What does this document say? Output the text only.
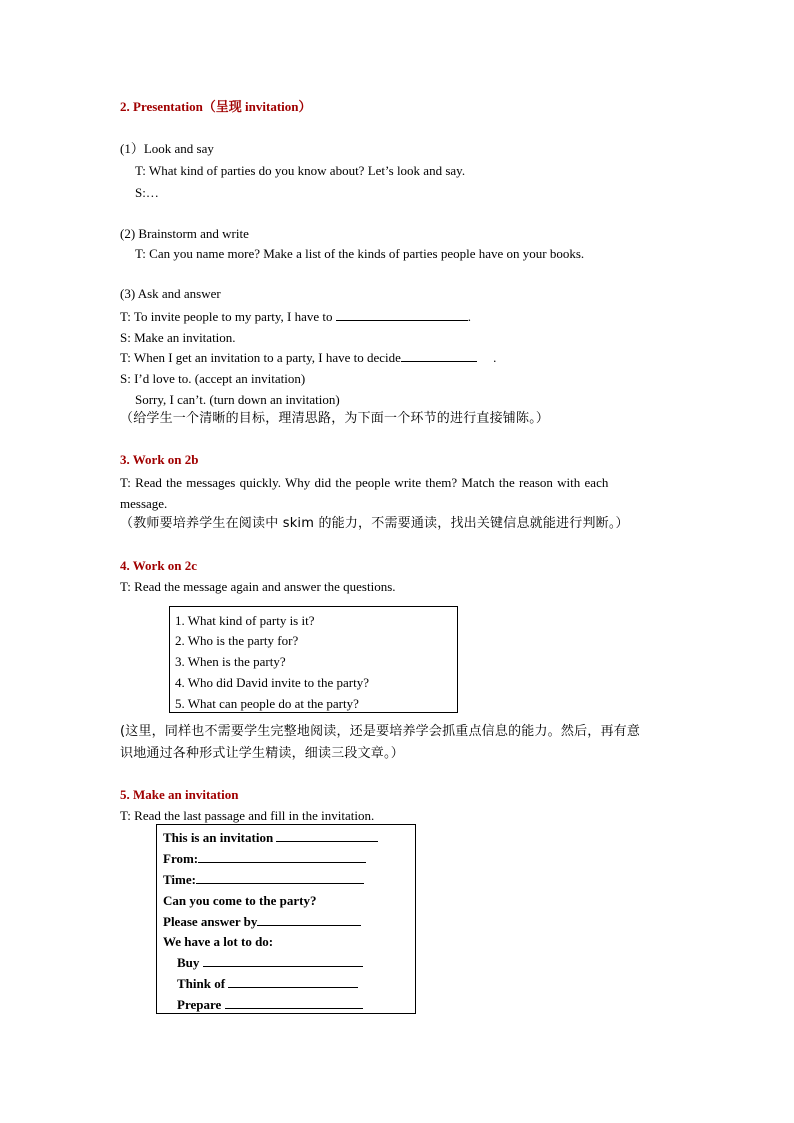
2. Presentation（呈现 invitation）
(1）Look and say
T: What kind of parties do you know about? Let’s look and say.
S:…
(2) Brainstorm and write
T: Can you name more? Make a list of the kinds of parties people have on your books.
(3) Ask and answer
T: To invite people to my party, I have to	.
S: Make an invitation.
T: When I get an invitation to a party, I have to decide	.
S: I’d love to. (accept an invitation)
Sorry, I can’t. (turn down an invitation)
（给学生一个清晰的目标，理清思路，为下面一个环节的进行直接铺陈。）
3. Work on 2b
T: Read the messages quickly. Why did the people write them? Match the reason with each
message.
（教师要培养学生在阅读中 skim 的能力，不需要通读，找出关键信息就能进行判断。）
4. Work on 2c
T: Read the message again and answer the questions.
1. What kind of party is it?
2. Who is the party for?
3. When is the party?
4. Who did David invite to the party?
5. What can people do at the party?
(这里，同样也不需要学生完整地阅读，还是要培养学会抓重点信息的能力。然后，再有意
识地通过各种形式让学生精读，细读三段文章。）
5. Make an invitation
T: Read the last passage and fill in the invitation.
This is an invitation
From:
Time:
Can you come to the party?
Please answer by
We have a lot to do:
Buy
Think of
Prepare
